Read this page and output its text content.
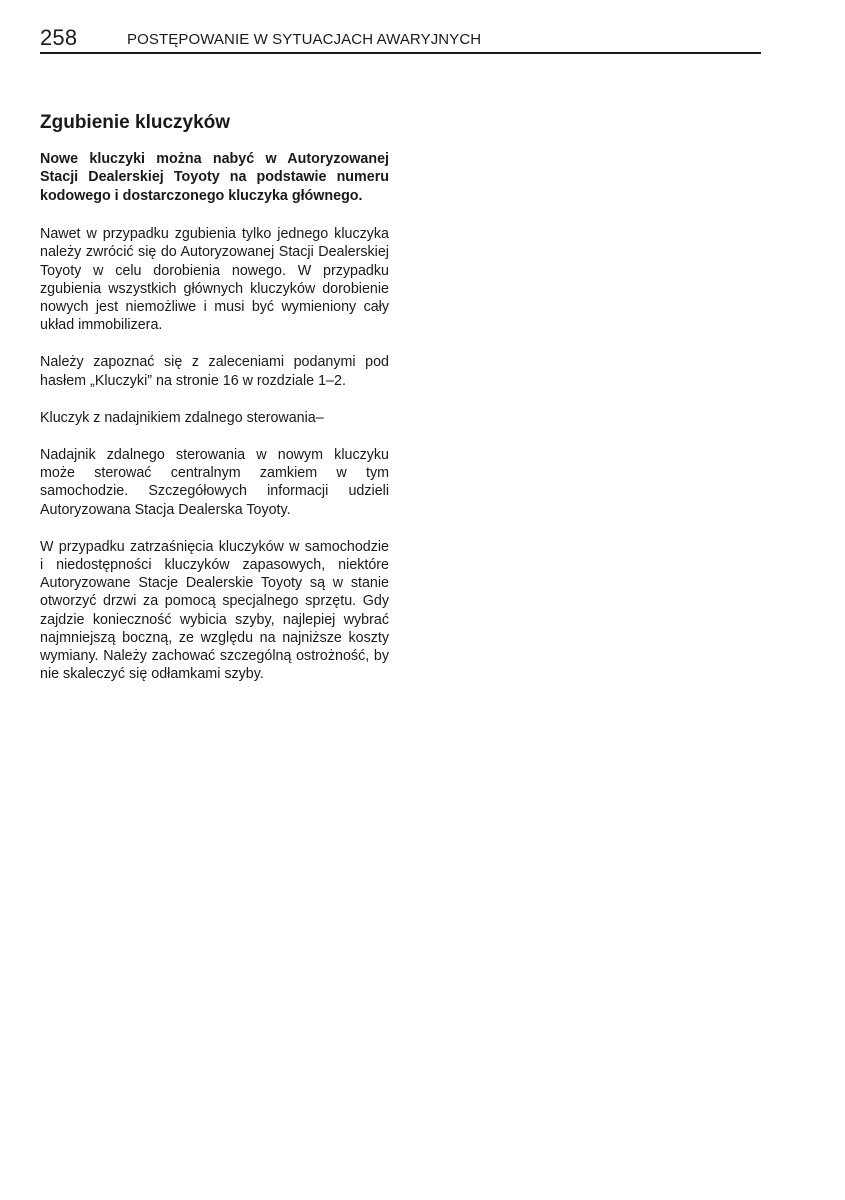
258	POSTĘPOWANIE W SYTUACJACH AWARYJNYCH
Zgubienie kluczyków

Nowe kluczyki można nabyć w Autoryzowanej Stacji Dealerskiej Toyoty na podstawie numeru kodowego i dostarczonego kluczyka głównego.

Nawet w przypadku zgubienia tylko jednego kluczyka należy zwrócić się do Autoryzowanej Stacji Dealerskiej Toyoty w celu dorobienia nowego. W przypadku zgubienia wszystkich głównych kluczyków dorobienie nowych jest niemożliwe i musi być wymieniony cały układ immobilizera.

Należy zapoznać się z zaleceniami podanymi pod hasłem „Kluczyki” na stronie 16 w rozdziale 1–2.

Kluczyk z nadajnikiem zdalnego sterowania–

Nadajnik zdalnego sterowania w nowym kluczyku może sterować centralnym zamkiem w tym samochodzie. Szczegółowych informacji udzieli Autoryzowana Stacja Dealerska Toyoty.

W przypadku zatrzaśnięcia kluczyków w samochodzie i niedostępności kluczyków zapasowych, niektóre Autoryzowane Stacje Dealerskie Toyoty są w stanie otworzyć drzwi za pomocą specjalnego sprzętu. Gdy zajdzie konieczność wybicia szyby, najlepiej wybrać najmniejszą boczną, ze względu na najniższe koszty wymiany. Należy zachować szczególną ostrożność, by nie skaleczyć się odłamkami szyby.
